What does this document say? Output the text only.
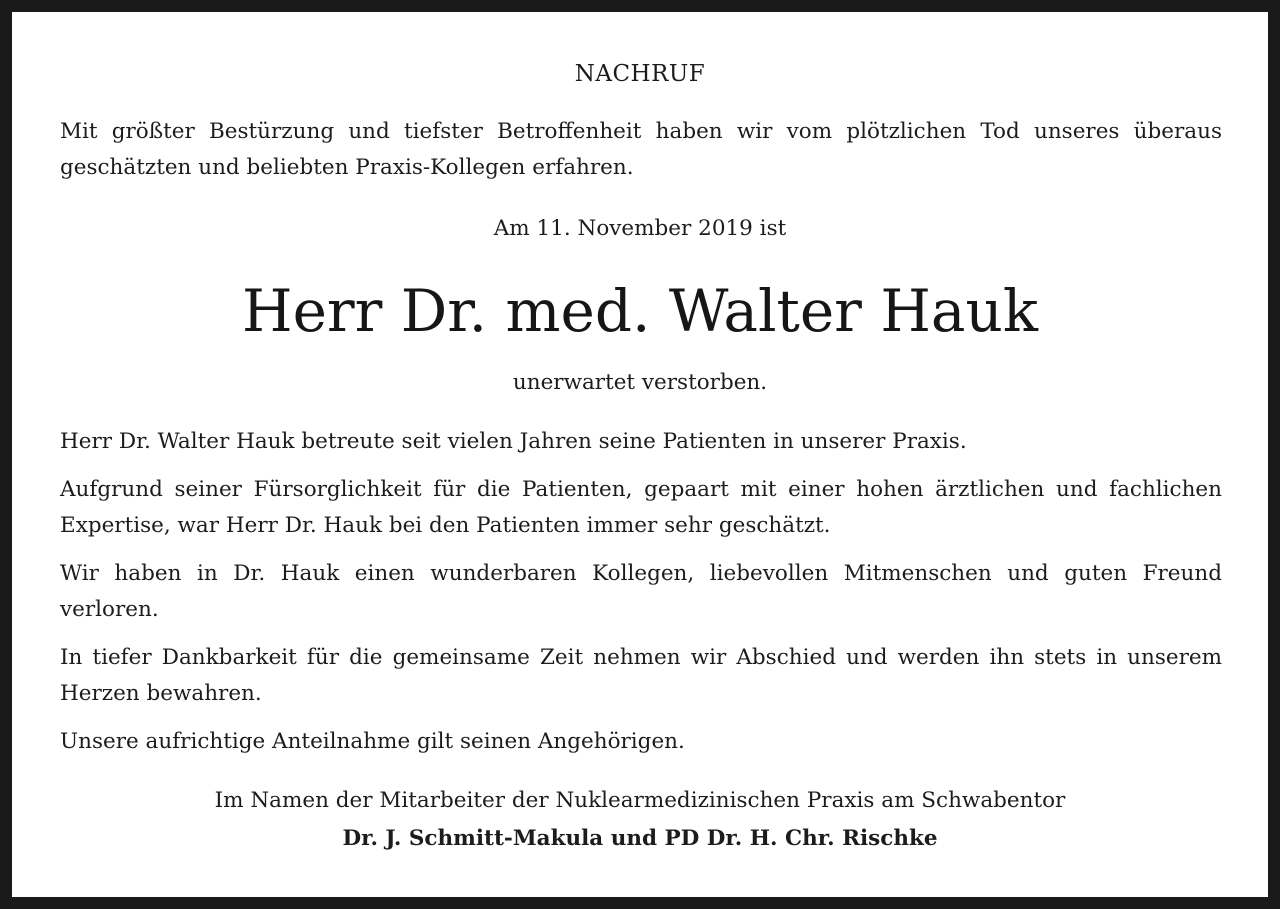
NACHRUF
Mit größter Bestürzung und tiefster Betroffenheit haben wir vom plötzlichen Tod unseres überaus geschätzten und beliebten Praxis-Kollegen erfahren.
Am 11. November 2019 ist
Herr Dr. med. Walter Hauk
unerwartet verstorben.
Herr Dr. Walter Hauk betreute seit vielen Jahren seine Patienten in unserer Praxis.
Aufgrund seiner Fürsorglichkeit für die Patienten, gepaart mit einer hohen ärztlichen und fachlichen Expertise, war Herr Dr. Hauk bei den Patienten immer sehr geschätzt.
Wir haben in Dr. Hauk einen wunderbaren Kollegen, liebevollen Mitmenschen und guten Freund verloren.
In tiefer Dankbarkeit für die gemeinsame Zeit nehmen wir Abschied und werden ihn stets in unserem Herzen bewahren.
Unsere aufrichtige Anteilnahme gilt seinen Angehörigen.
Im Namen der Mitarbeiter der Nuklearmedizinischen Praxis am Schwabentor
Dr. J. Schmitt-Makula und PD Dr. H. Chr. Rischke
